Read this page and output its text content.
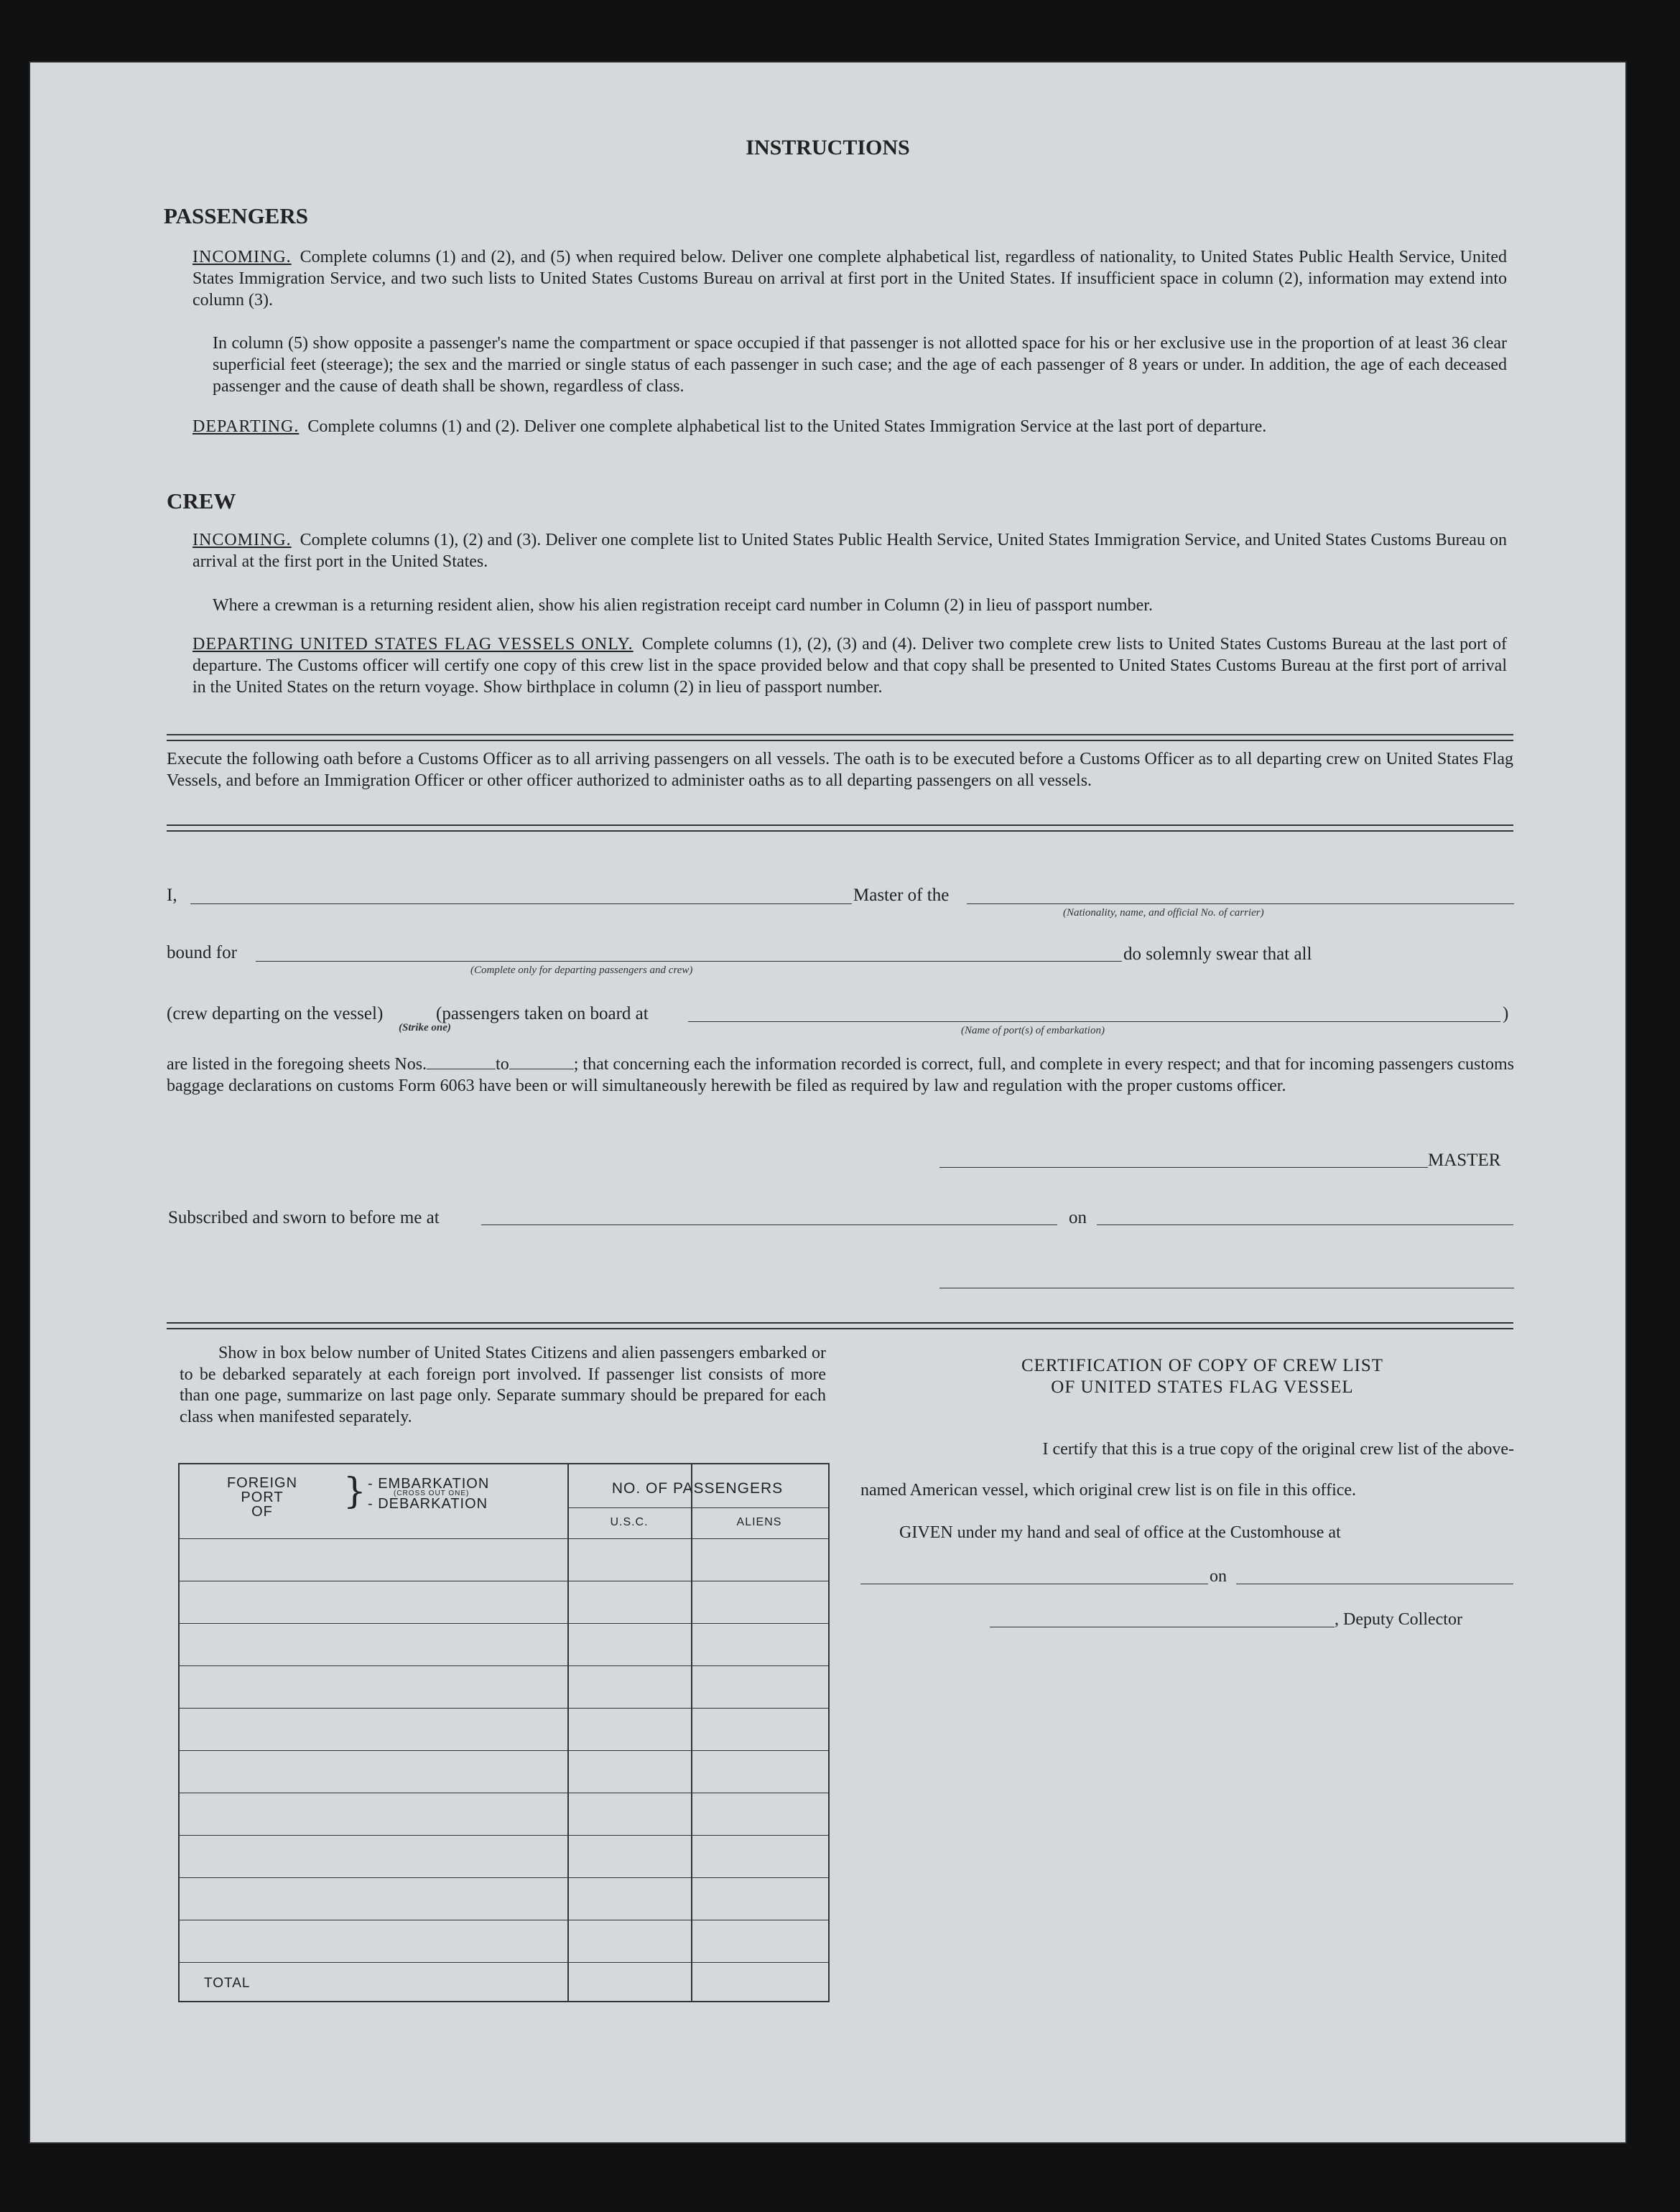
INSTRUCTIONS
PASSENGERS
INCOMING. Complete columns (1) and (2), and (5) when required below. Deliver one complete alphabetical list, regardless of nationality, to United States Public Health Service, United States Immigration Service, and two such lists to United States Customs Bureau on arrival at first port in the United States. If insufficient space in column (2), information may extend into column (3).
In column (5) show opposite a passenger's name the compartment or space occupied if that passenger is not allotted space for his or her exclusive use in the proportion of at least 36 clear superficial feet (steerage); the sex and the married or single status of each passenger in such case; and the age of each passenger of 8 years or under. In addition, the age of each deceased passenger and the cause of death shall be shown, regardless of class.
DEPARTING. Complete columns (1) and (2). Deliver one complete alphabetical list to the United States Immigration Service at the last port of departure.
CREW
INCOMING. Complete columns (1), (2) and (3). Deliver one complete list to United States Public Health Service, United States Immigration Service, and United States Customs Bureau on arrival at the first port in the United States.
Where a crewman is a returning resident alien, show his alien registration receipt card number in Column (2) in lieu of passport number.
DEPARTING UNITED STATES FLAG VESSELS ONLY. Complete columns (1), (2), (3) and (4). Deliver two complete crew lists to United States Customs Bureau at the last port of departure. The Customs officer will certify one copy of this crew list in the space provided below and that copy shall be presented to United States Customs Bureau at the first port of arrival in the United States on the return voyage. Show birthplace in column (2) in lieu of passport number.
Execute the following oath before a Customs Officer as to all arriving passengers on all vessels. The oath is to be executed before a Customs Officer as to all departing crew on United States Flag Vessels, and before an Immigration Officer or other officer authorized to administer oaths as to all departing passengers on all vessels.
I,	Master of the
(Nationality, name, and official No. of carrier)
bound for
(Complete only for departing passengers and crew)
do solemnly swear that all
(crew departing on the vessel)	(passengers taken on board at
(Strike one)	(Name of port(s) of embarkation)
)
are listed in the foregoing sheets Nos.	to	; that concerning each the information recorded is correct, full, and complete in every respect; and that for incoming passengers customs baggage declarations on customs Form 6063 have been or will simultaneously herewith be filed as required by law and regulation with the proper customs officer.
MASTER
Subscribed and sworn to before me at	on
Show in box below number of United States Citizens and alien passengers embarked or to be debarked separately at each foreign port involved. If passenger list consists of more than one page, summarize on last page only. Separate summary should be prepared for each class when manifested separately.
FOREIGN
PORT
OF	} - EMBARKATION
(CROSS OUT ONE)
- DEBARKATION
NO. OF PASSENGERS
U.S.C.	ALIENS
TOTAL
CERTIFICATION OF COPY OF CREW LIST
OF UNITED STATES FLAG VESSEL
I certify that this is a true copy of the original crew list of the above-
named American vessel, which original crew list is on file in this office.
GIVEN under my hand and seal of office at the Customhouse at
on
, Deputy Collector
